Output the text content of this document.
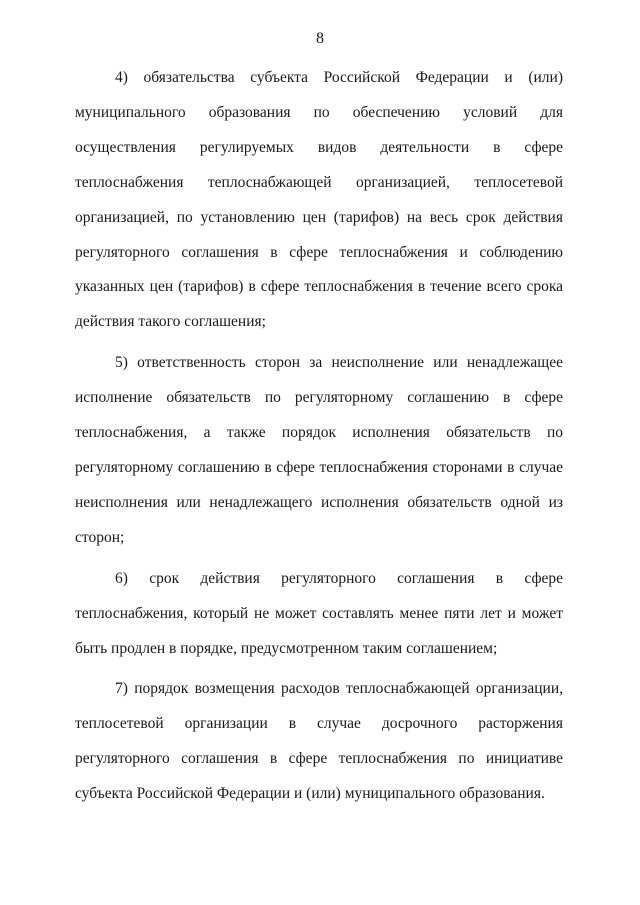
8

4) обязательства субъекта Российской Федерации и (или) муниципального образования по обеспечению условий для осуществления регулируемых видов деятельности в сфере теплоснабжения теплоснабжающей организацией, теплосетевой организацией, по установлению цен (тарифов) на весь срок действия регуляторного соглашения в сфере теплоснабжения и соблюдению указанных цен (тарифов) в сфере теплоснабжения в течение всего срока действия такого соглашения;

5) ответственность сторон за неисполнение или ненадлежащее исполнение обязательств по регуляторному соглашению в сфере теплоснабжения, а также порядок исполнения обязательств по регуляторному соглашению в сфере теплоснабжения сторонами в случае неисполнения или ненадлежащего исполнения обязательств одной из сторон;

6) срок действия регуляторного соглашения в сфере теплоснабжения, который не может составлять менее пяти лет и может быть продлен в порядке, предусмотренном таким соглашением;

7) порядок возмещения расходов теплоснабжающей организации, теплосетевой организации в случае досрочного расторжения регуляторного соглашения в сфере теплоснабжения по инициативе субъекта Российской Федерации и (или) муниципального образования.
